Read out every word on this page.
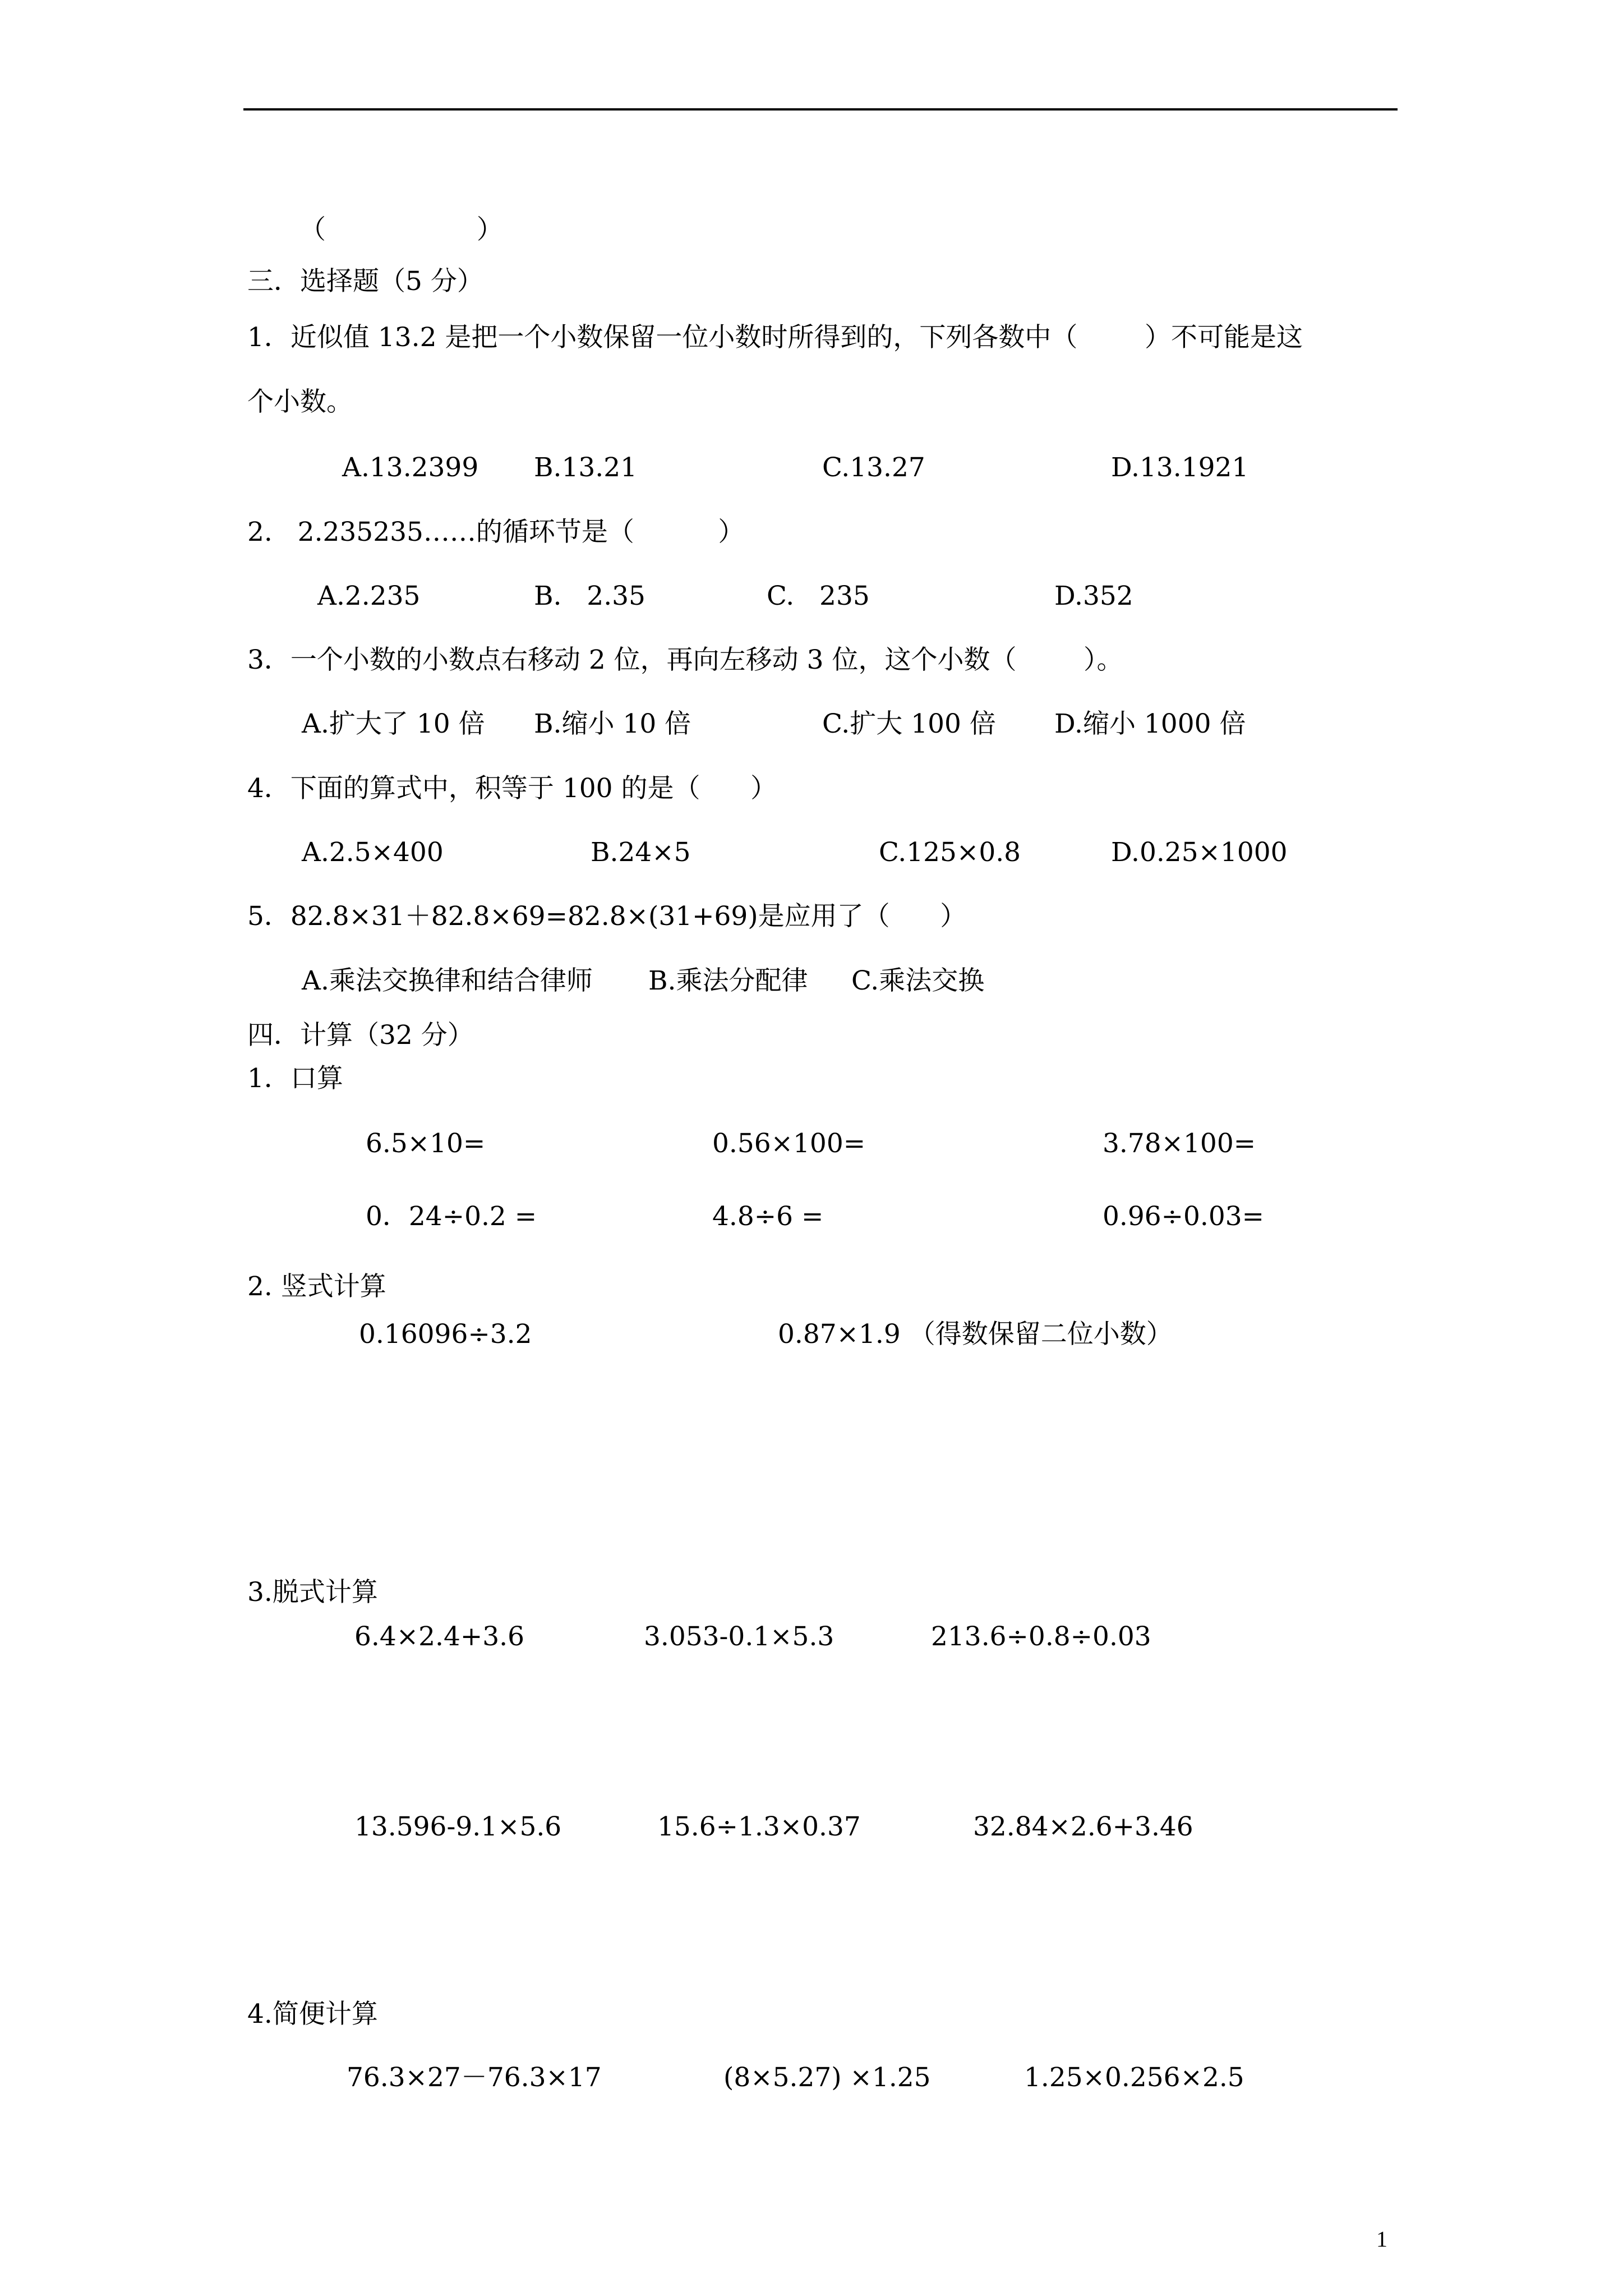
（                  ）
三．选择题（5 分）
1．近似值 13.2 是把一个小数保留一位小数时所得到的，下列各数中（        ）不可能是这
个小数。
A.13.2399 B.13.21	C.13.27	D.13.1921
2.   2.235235……的循环节是（          ）
A.2.235	B.   2.35	C.   235	D.352
3．一个小数的小数点右移动 2 位，再向左移动 3 位，这个小数（        ）。
A.扩大了 10 倍 B.缩小 10 倍	C.扩大 100 倍 D.缩小 1000 倍
4．下面的算式中，积等于 100 的是（      ）
A.2.5×400	B.24×5	C.125×0.8	D.0.25×1000
5．82.8×31＋82.8×69=82.8×(31+69)是应用了（      ）
A.乘法交换律和结合律师 B.乘法分配律 C.乘法交换
四．计算（32 分）
1．口算
6.5×10=	0.56×100=	3.78×100=
0．24÷0.2 =	4.8÷6 =	0.96÷0.03=
2. 竖式计算
0.16096÷3.2	0.87×1.9 （得数保留二位小数）
3.脱式计算
6.4×2.4+3.6	3.053-0.1×5.3	213.6÷0.8÷0.03
13.596-9.1×5.6	15.6÷1.3×0.37	32.84×2.6+3.46
4.简便计算
76.3×27－76.3×17	(8×5.27) ×1.25	1.25×0.256×2.5
1
